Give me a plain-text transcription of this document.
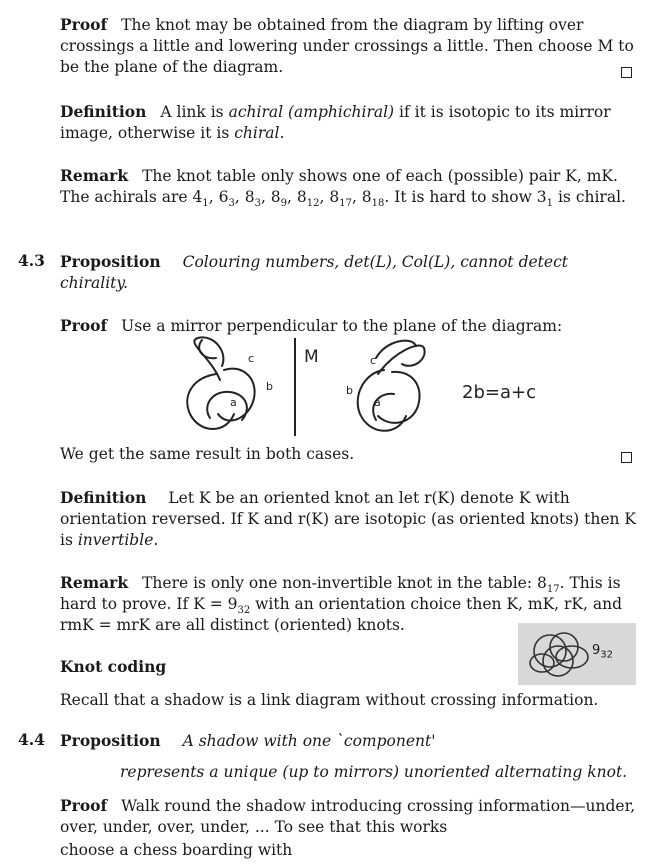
Proof The knot may be obtained from the diagram by lifting over crossings a little and lowering under crossings a little. Then choose M to be the plane of the diagram.
Definition A link is achiral (amphichiral) if it is isotopic to its mirror image, otherwise it is chiral.
Remark The knot table only shows one of each (possible) pair K, mK. The achirals are $4_1$, $6_3$, $8_3$, $8_9$, $8_{12}$, $8_{17}$, $8_{18}$. It is hard to show $3_1$ is chiral.
4.3 Proposition Colouring numbers, det(L), Col(L), cannot detect chirality.
Proof Use a mirror perpendicular to the plane of the diagram:
c
b
a
M	c
b
a	2b=a+c
We get the same result in both cases.
Definition Let K be an oriented knot an let r(K) denote K with orientation reversed. If K and r(K) are isotopic (as oriented knots) then K is invertible.
Remark There is only one non-invertible knot in the table: $8_{17}$. This is hard to prove. If $K = 9_{32}$ with an orientation choice then K, mK, rK, and rmK = mrK are all distinct (oriented) knots.
$9_{32}$
Knot coding
Recall that a shadow is a link diagram without crossing information.
4.4 Proposition A shadow with one `component'
represents a unique (up to mirrors) unoriented alternating knot.
Proof Walk round the shadow introducing crossing information—under, over, under, over, under, ... To see that this works
choose a chess boarding with
